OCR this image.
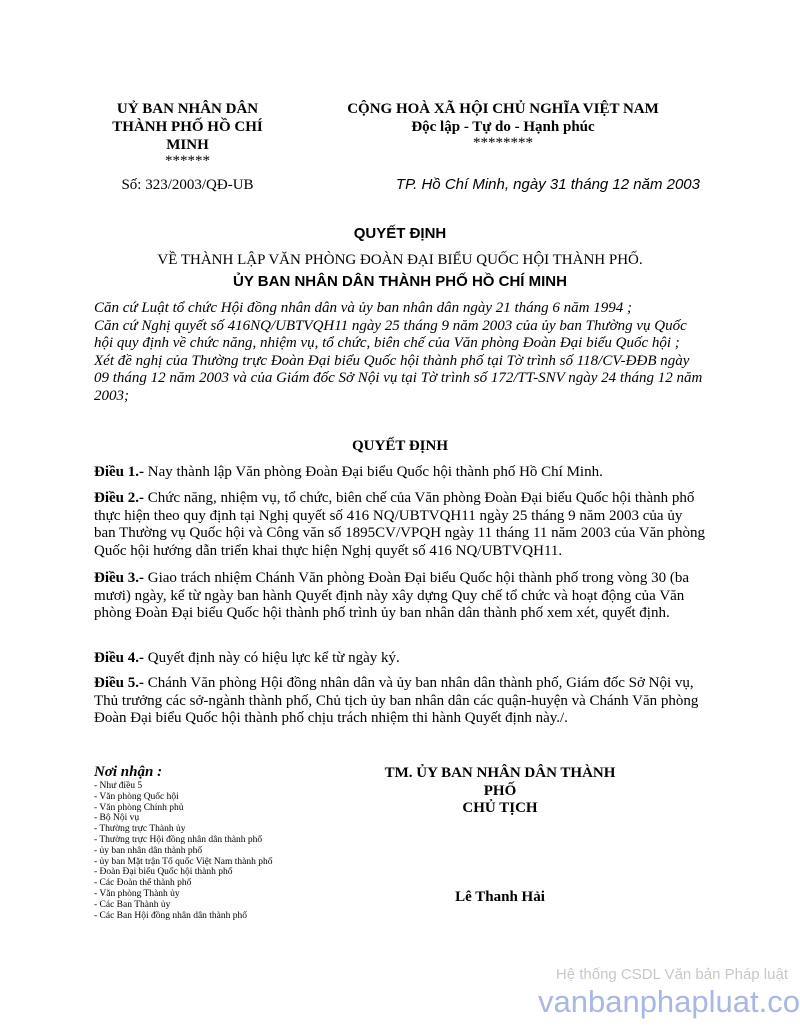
UỶ BAN NHÂN DÂN THÀNH PHỐ HỒ CHÍ MINH
******
CỘNG HOÀ XÃ HỘI CHỦ NGHĨA VIỆT NAM
Độc lập - Tự do - Hạnh phúc
********
Số: 323/2003/QĐ-UB	TP. Hồ Chí Minh, ngày 31 tháng 12 năm 2003
QUYẾT ĐỊNH
VỀ THÀNH LẬP VĂN PHÒNG ĐOÀN ĐẠI BIỂU QUỐC HỘI THÀNH PHỐ.
ỦY BAN NHÂN DÂN THÀNH PHỐ HỒ CHÍ MINH

Căn cứ Luật tổ chức Hội đồng nhân dân và ủy ban nhân dân ngày 21 tháng 6 năm 1994 ;
Căn cứ Nghị quyết số 416NQ/UBTVQH11 ngày 25 tháng 9 năm 2003 của ủy ban Thường vụ Quốc hội quy định về chức năng, nhiệm vụ, tổ chức, biên chế của Văn phòng Đoàn Đại biểu Quốc hội ;
Xét đề nghị của Thường trực Đoàn Đại biểu Quốc hội thành phố tại Tờ trình số 118/CV-ĐĐB ngày 09 tháng 12 năm 2003 và của Giám đốc Sở Nội vụ tại Tờ trình số 172/TT-SNV ngày 24 tháng 12 năm 2003;

QUYẾT ĐỊNH

Điều 1.- Nay thành lập Văn phòng Đoàn Đại biểu Quốc hội thành phố Hồ Chí Minh.

Điều 2.- Chức năng, nhiệm vụ, tổ chức, biên chế của Văn phòng Đoàn Đại biểu Quốc hội thành phố thực hiện theo quy định tại Nghị quyết số 416 NQ/UBTVQH11 ngày 25 tháng 9 năm 2003 của ủy ban Thường vụ Quốc hội và Công văn số 1895CV/VPQH ngày 11 tháng 11 năm 2003 của Văn phòng Quốc hội hướng dẫn triển khai thực hiện Nghị quyết số 416 NQ/UBTVQH11.

Điều 3.- Giao trách nhiệm Chánh Văn phòng Đoàn Đại biểu Quốc hội thành phố trong vòng 30 (ba mươi) ngày, kể từ ngày ban hành Quyết định này xây dựng Quy chế tổ chức và hoạt động của Văn phòng Đoàn Đại biểu Quốc hội thành phố trình ủy ban nhân dân thành phố xem xét, quyết định.

Điều 4.- Quyết định này có hiệu lực kể từ ngày ký.

Điều 5.- Chánh Văn phòng Hội đồng nhân dân và ủy ban nhân dân thành phố, Giám đốc Sở Nội vụ, Thủ trưởng các sở-ngành thành phố, Chủ tịch ủy ban nhân dân các quận-huyện và Chánh Văn phòng Đoàn Đại biểu Quốc hội thành phố chịu trách nhiệm thi hành Quyết định này./.

Nơi nhận :
- Như điều 5
- Văn phòng Quốc hội
- Văn phòng Chính phủ
- Bộ Nội vụ
- Thường trực Thành ủy
- Thường trực Hội đồng nhân dân thành phố
- ủy ban nhân dân thành phố
- ủy ban Mặt trận Tổ quốc Việt Nam thành phố
- Đoàn Đại biểu Quốc hội thành phố
- Các Đoàn thể thành phố
- Văn phòng Thành ủy
- Các Ban Thành ủy
- Các Ban Hội đồng nhân dân thành phố
TM. ỦY BAN NHÂN DÂN THÀNH PHỐ
CHỦ TỊCH
Lê Thanh Hải
Hệ thống CSDL Văn bản Pháp luật
vanbanphapluat.co
